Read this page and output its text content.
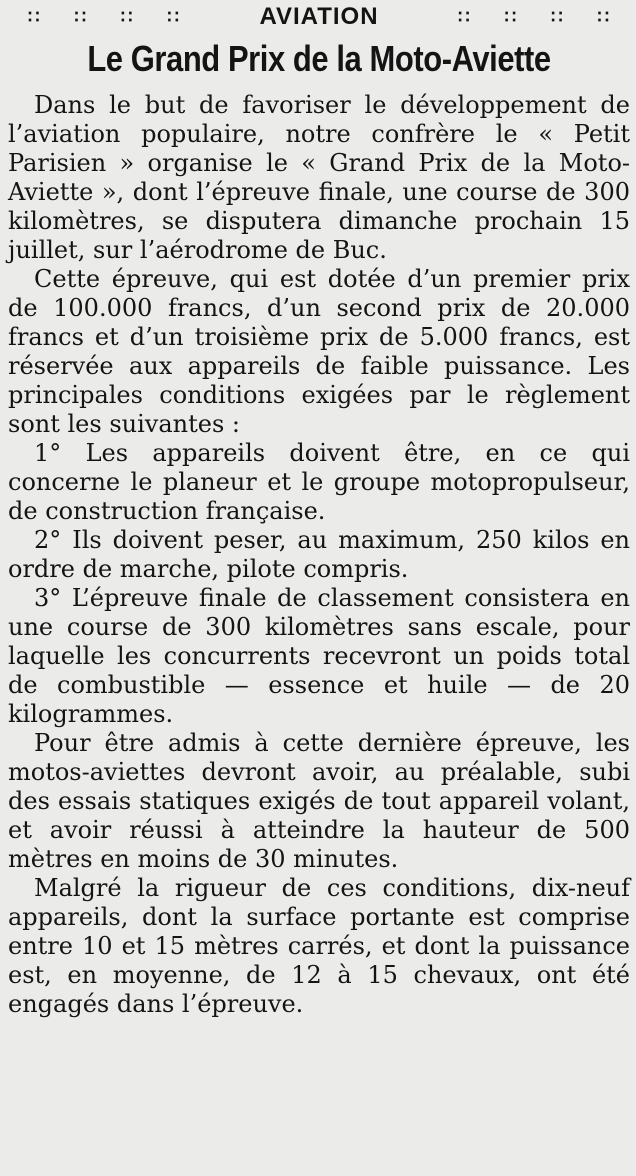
∷ ∷ ∷ ∷	AVIATION	∷ ∷ ∷ ∷
Le Grand Prix de la Moto-Aviette

Dans le but de favoriser le développement de l’aviation populaire, notre confrère le « Petit Parisien » organise le « Grand Prix de la Moto-Aviette », dont l’épreuve finale, une course de 300 kilomètres, se disputera dimanche prochain 15 juillet, sur l’aérodrome de Buc.

Cette épreuve, qui est dotée d’un premier prix de 100.000 francs, d’un second prix de 20.000 francs et d’un troisième prix de 5.000 francs, est réservée aux appareils de faible puissance. Les principales conditions exigées par le règlement sont les suivantes :

1° Les appareils doivent être, en ce qui concerne le planeur et le groupe motopropulseur, de construction française.

2° Ils doivent peser, au maximum, 250 kilos en ordre de marche, pilote compris.

3° L’épreuve finale de classement consistera en une course de 300 kilomètres sans escale, pour laquelle les concurrents recevront un poids total de combustible — essence et huile — de 20 kilogrammes.

Pour être admis à cette dernière épreuve, les motos-aviettes devront avoir, au préalable, subi des essais statiques exigés de tout appareil volant, et avoir réussi à atteindre la hauteur de 500 mètres en moins de 30 minutes.

Malgré la rigueur de ces conditions, dix-neuf appareils, dont la surface portante est comprise entre 10 et 15 mètres carrés, et dont la puissance est, en moyenne, de 12 à 15 chevaux, ont été engagés dans l’épreuve.
